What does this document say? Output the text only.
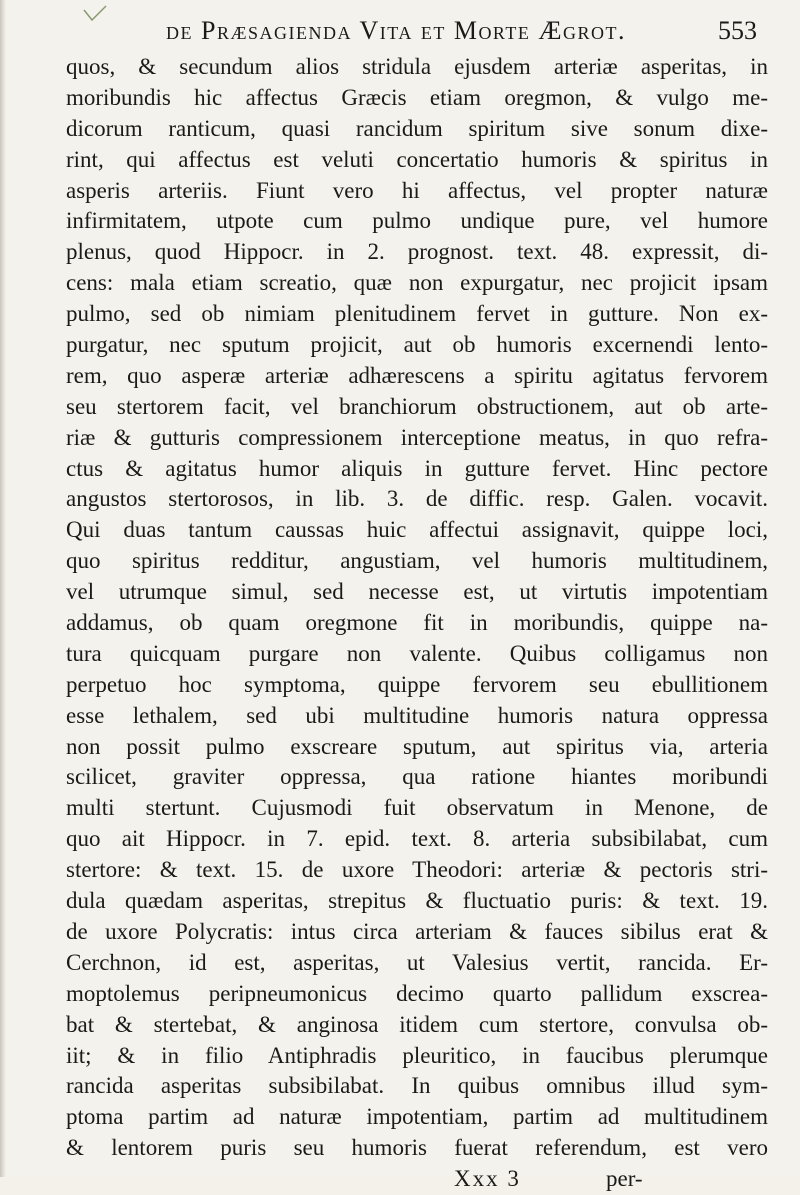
de Præsagienda Vita et Morte Ægrot.	553
quos, & secundum alios stridula ejusdem arteriæ asperitas, in
moribundis hic affectus Græcis etiam oregmon, & vulgo me-
dicorum ranticum, quasi rancidum spiritum sive sonum dixe-
rint, qui affectus est veluti concertatio humoris & spiritus in
asperis arteriis. Fiunt vero hi affectus, vel propter naturæ
infirmitatem, utpote cum pulmo undique pure, vel humore
plenus, quod Hippocr. in 2. prognost. text. 48. expressit, di-
cens: mala etiam screatio, quæ non expurgatur, nec projicit ipsam
pulmo, sed ob nimiam plenitudinem fervet in gutture. Non ex-
purgatur, nec sputum projicit, aut ob humoris excernendi lento-
rem, quo asperæ arteriæ adhærescens a spiritu agitatus fervorem
seu stertorem facit, vel branchiorum obstructionem, aut ob arte-
riæ & gutturis compressionem interceptione meatus, in quo refra-
ctus & agitatus humor aliquis in gutture fervet. Hinc pectore
angustos stertorosos, in lib. 3. de diffic. resp. Galen. vocavit.
Qui duas tantum caussas huic affectui assignavit, quippe loci,
quo spiritus redditur, angustiam, vel humoris multitudinem,
vel utrumque simul, sed necesse est, ut virtutis impotentiam
addamus, ob quam oregmone fit in moribundis, quippe na-
tura quicquam purgare non valente. Quibus colligamus non
perpetuo hoc symptoma, quippe fervorem seu ebullitionem
esse lethalem, sed ubi multitudine humoris natura oppressa
non possit pulmo exscreare sputum, aut spiritus via, arteria
scilicet, graviter oppressa, qua ratione hiantes moribundi
multi stertunt. Cujusmodi fuit observatum in Menone, de
quo ait Hippocr. in 7. epid. text. 8. arteria subsibilabat, cum
stertore: & text. 15. de uxore Theodori: arteriæ & pectoris stri-
dula quædam asperitas, strepitus & fluctuatio puris: & text. 19.
de uxore Polycratis: intus circa arteriam & fauces sibilus erat &
Cerchnon, id est, asperitas, ut Valesius vertit, rancida. Er-
moptolemus peripneumonicus decimo quarto pallidum exscrea-
bat & stertebat, & anginosa itidem cum stertore, convulsa ob-
iit; & in filio Antiphradis pleuritico, in faucibus plerumque
rancida asperitas subsibilabat. In quibus omnibus illud sym-
ptoma partim ad naturæ impotentiam, partim ad multitudinem
& lentorem puris seu humoris fuerat referendum, est vero
Xxx 3	per-
